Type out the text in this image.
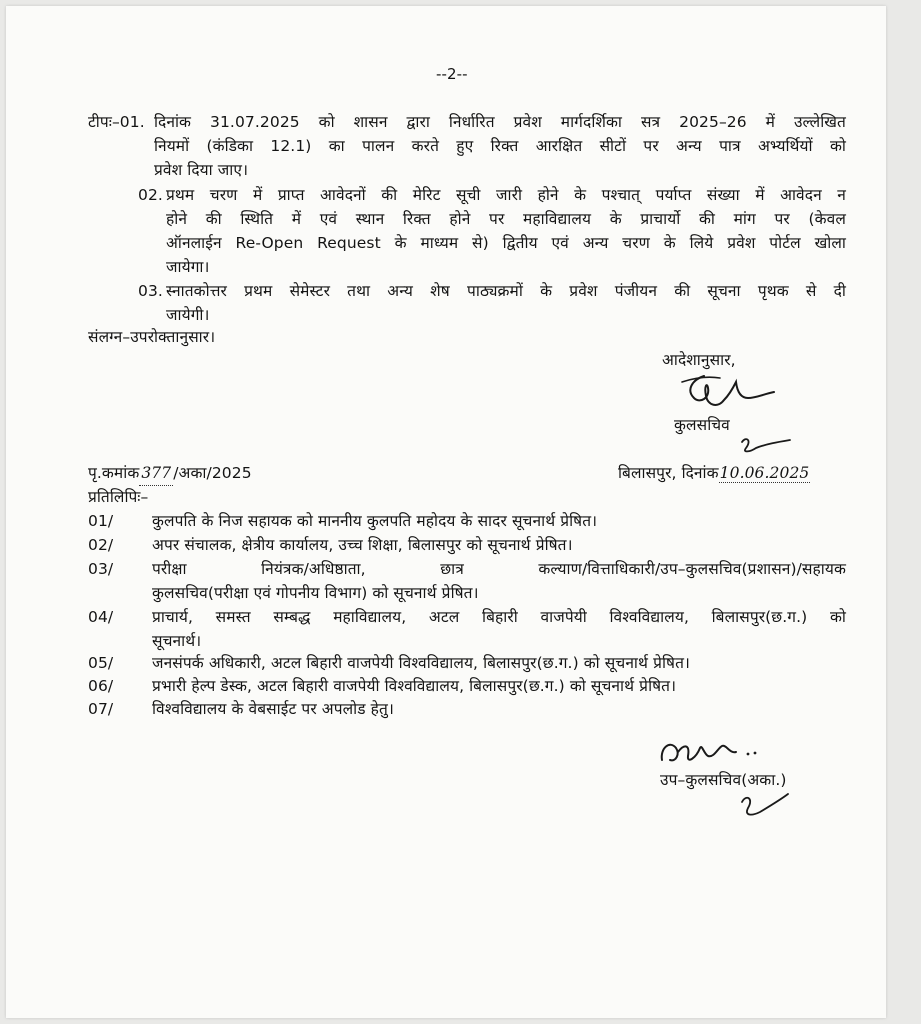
--2--
टीपः–01. दिनांक 31.07.2025 को शासन द्वारा निर्धारित प्रवेश मार्गदर्शिका सत्र 2025–26 में उल्लेखित
नियमों (कंडिका 12.1) का पालन करते हुए रिक्त आरक्षित सीटों पर अन्य पात्र अभ्यर्थियों को
प्रवेश दिया जाए।
02. प्रथम चरण में प्राप्त आवेदनों की मेरिट सूची जारी होने के पश्चात् पर्याप्त संख्या में आवेदन न
होने की स्थिति में एवं स्थान रिक्त होने पर महाविद्यालय के प्राचार्यो की मांग पर (केवल
ऑनलाईन Re-Open Request के माध्यम से) द्वितीय एवं अन्य चरण के लिये प्रवेश पोर्टल खोला
जायेगा।
03. स्नातकोत्तर प्रथम सेमेस्टर तथा अन्य शेष पाठ्यक्रमों के प्रवेश पंजीयन की सूचना पृथक से दी
जायेगी।
संलग्न–उपरोक्तानुसार।
आदेशानुसार,
कुलसचिव
पृ.कमांक 377 /अका/2025	बिलासपुर, दिनांक10.06.2025
प्रतिलिपिः–
01/	कुलपति के निज सहायक को माननीय कुलपति महोदय के सादर सूचनार्थ प्रेषित।
02/	अपर संचालक, क्षेत्रीय कार्यालय, उच्च शिक्षा, बिलासपुर को सूचनार्थ प्रेषित।
03/	परीक्षा नियंत्रक/अधिष्ठाता, छात्र कल्याण/वित्ताधिकारी/उप–कुलसचिव(प्रशासन)/सहायक
कुलसचिव(परीक्षा एवं गोपनीय विभाग) को सूचनार्थ प्रेषित।
04/	प्राचार्य, समस्त सम्बद्ध महाविद्यालय, अटल बिहारी वाजपेयी विश्वविद्यालय, बिलासपुर(छ.ग.) को
सूचनार्थ।
05/	जनसंपर्क अधिकारी, अटल बिहारी वाजपेयी विश्वविद्यालय, बिलासपुर(छ.ग.) को सूचनार्थ प्रेषित।
06/	प्रभारी हेल्प डेस्क, अटल बिहारी वाजपेयी विश्वविद्यालय, बिलासपुर(छ.ग.) को सूचनार्थ प्रेषित।
07/	विश्वविद्यालय के वेबसाईट पर अपलोड हेतु।
उप–कुलसचिव(अका.)
